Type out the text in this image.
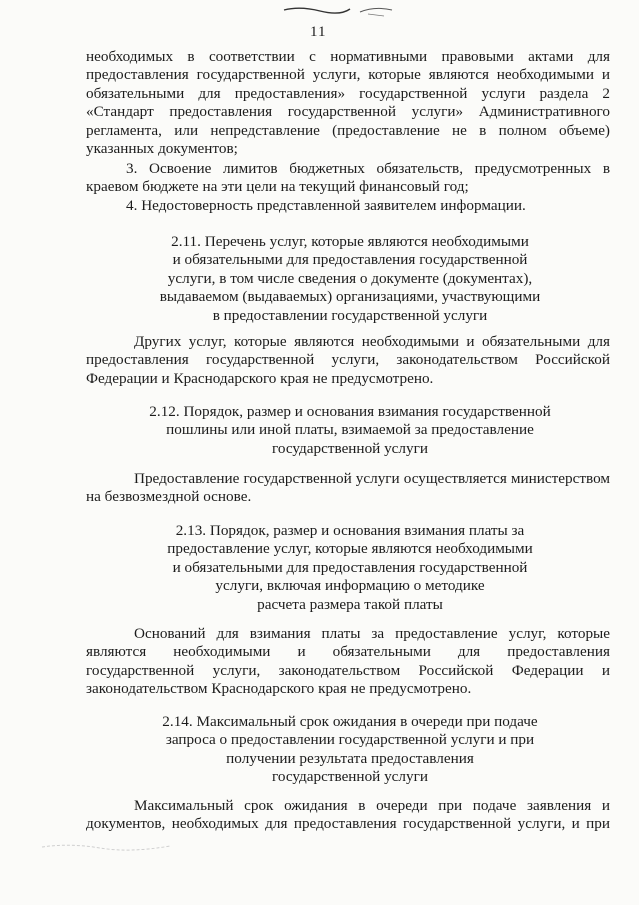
11

необходимых в соответствии с нормативными правовыми актами для
предоставления государственной услуги, которые являются необходимыми и
обязательными для предоставления» государственной услуги раздела 2
«Стандарт предоставления государственной услуги» Административного
регламента, или непредставление (предоставление не в полном объеме)
указанных документов;

3. Освоение лимитов бюджетных обязательств, предусмотренных в
краевом бюджете на эти цели на текущий финансовый год;

4. Недостоверность представленной заявителем информации.

2.11. Перечень услуг, которые являются необходимыми
и обязательными для предоставления государственной
услуги, в том числе сведения о документе (документах),
выдаваемом (выдаваемых) организациями, участвующими
в предоставлении государственной услуги

Других услуг, которые являются необходимыми и обязательными для
предоставления государственной услуги, законодательством Российской
Федерации и Краснодарского края не предусмотрено.

2.12. Порядок, размер и основания взимания государственной
пошлины или иной платы, взимаемой за предоставление
государственной услуги

Предоставление государственной услуги осуществляется министерством
на безвозмездной основе.

2.13. Порядок, размер и основания взимания платы за
предоставление услуг, которые являются необходимыми
и обязательными для предоставления государственной
услуги, включая информацию о методике
расчета размера такой платы

Оснований для взимания платы за предоставление услуг, которые
являются необходимыми и обязательными для предоставления
государственной услуги, законодательством Российской Федерации и
законодательством Краснодарского края не предусмотрено.

2.14. Максимальный срок ожидания в очереди при подаче
запроса о предоставлении государственной услуги и при
получении результата предоставления
государственной услуги

Максимальный срок ожидания в очереди при подаче заявления и
документов, необходимых для предоставления государственной услуги, и при
